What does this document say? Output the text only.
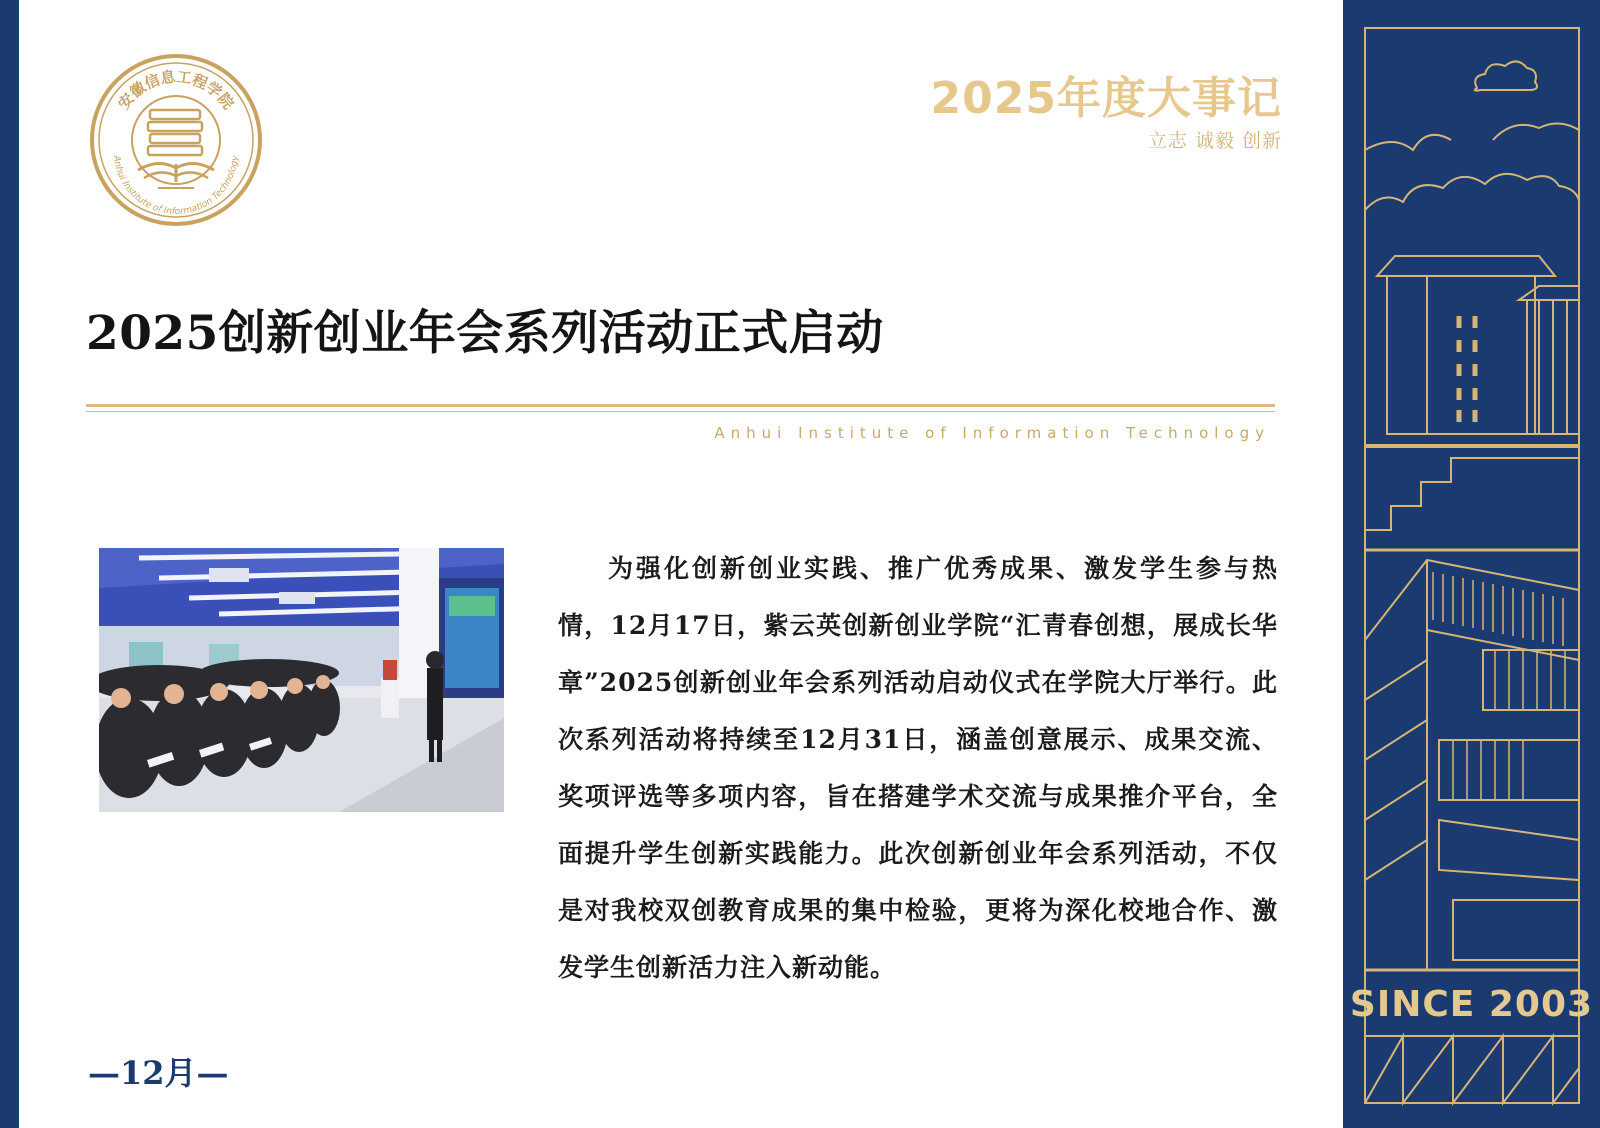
安徽信息工程学院
Anhui Institute of Information Technology
2025年度大事记
立志 诚毅 创新
2025创新创业年会系列活动正式启动
Anhui Institute of Information Technology

为强化创新创业实践、推广优秀成果、激发学生参与热情，12月17日，紫云英创新创业学院“汇青春创想，展成长华章”2025创新创业年会系列活动启动仪式在学院大厅举行。此次系列活动将持续至12月31日，涵盖创意展示、成果交流、奖项评选等多项内容，旨在搭建学术交流与成果推介平台，全面提升学生创新实践能力。此次创新创业年会系列活动，不仅是对我校双创教育成果的集中检验，更将为深化校地合作、激发学生创新活力注入新动能。

—12月—
SINCE 2003
